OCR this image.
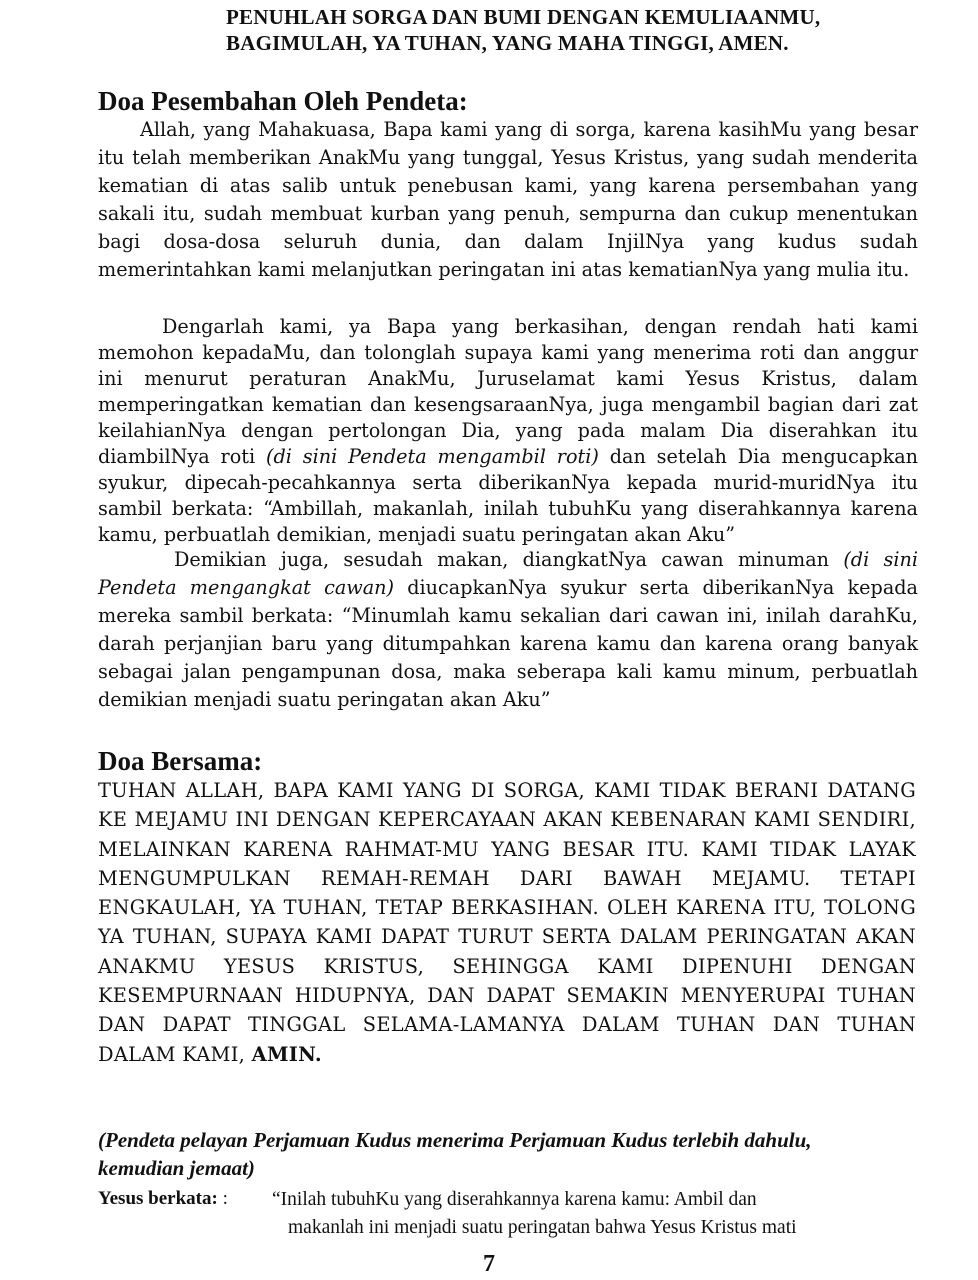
PENUHLAH SORGA DAN BUMI DENGAN KEMULIAANMU,
BAGIMULAH, YA TUHAN, YANG MAHA TINGGI, AMEN.
Doa Pesembahan Oleh Pendeta:

Allah, yang Mahakuasa, Bapa kami yang di sorga, karena kasihMu yang besar itu telah memberikan AnakMu yang tunggal, Yesus Kristus, yang sudah menderita kematian di atas salib untuk penebusan kami, yang karena persembahan yang sakali itu, sudah membuat kurban yang penuh, sempurna dan cukup menentukan bagi dosa-dosa seluruh dunia, dan dalam InjilNya yang kudus sudah memerintahkan kami melanjutkan peringatan ini atas kematianNya yang mulia itu.

Dengarlah kami, ya Bapa yang berkasihan, dengan rendah hati kami memohon kepadaMu, dan tolonglah supaya kami yang menerima roti dan anggur ini menurut peraturan AnakMu, Juruselamat kami Yesus Kristus, dalam memperingatkan kematian dan kesengsaraanNya, juga mengambil bagian dari zat keilahianNya dengan pertolongan Dia, yang pada malam Dia diserahkan itu diambilNya roti (di sini Pendeta mengambil roti) dan setelah Dia mengucapkan syukur, dipecah-pecahkannya serta diberikanNya kepada murid-muridNya itu sambil berkata: “Ambillah, makanlah, inilah tubuhKu yang diserahkannya karena kamu, perbuatlah demikian, menjadi suatu peringatan akan Aku”

Demikian juga, sesudah makan, diangkatNya cawan minuman (di sini Pendeta mengangkat cawan) diucapkanNya syukur serta diberikanNya kepada mereka sambil berkata: “Minumlah kamu sekalian dari cawan ini, inilah darahKu, darah perjanjian baru yang ditumpahkan karena kamu dan karena orang banyak sebagai jalan pengampunan dosa, maka seberapa kali kamu minum, perbuatlah demikian menjadi suatu peringatan akan Aku”

Doa Bersama:
TUHAN ALLAH, BAPA KAMI YANG DI SORGA, KAMI TIDAK BERANI DATANG KE MEJAMU INI DENGAN KEPERCAYAAN AKAN KEBENARAN KAMI SENDIRI, MELAINKAN KARENA RAHMAT-MU YANG BESAR ITU. KAMI TIDAK LAYAK MENGUMPULKAN REMAH-REMAH DARI BAWAH MEJAMU. TETAPI ENGKAULAH, YA TUHAN, TETAP BERKASIHAN. OLEH KARENA ITU, TOLONG YA TUHAN, SUPAYA KAMI DAPAT TURUT SERTA DALAM PERINGATAN AKAN ANAKMU YESUS KRISTUS, SEHINGGA KAMI DIPENUHI DENGAN KESEMPURNAAN HIDUPNYA, DAN DAPAT SEMAKIN MENYERUPAI TUHAN DAN DAPAT TINGGAL SELAMA-LAMANYA DALAM TUHAN DAN TUHAN DALAM KAMI, AMIN.
(Pendeta pelayan Perjamuan Kudus menerima Perjamuan Kudus terlebih dahulu, kemudian jemaat)
Yesus berkata: : “Inilah tubuhKu yang diserahkannya karena kamu: Ambil dan
makanlah ini menjadi suatu peringatan bahwa Yesus Kristus mati
7
